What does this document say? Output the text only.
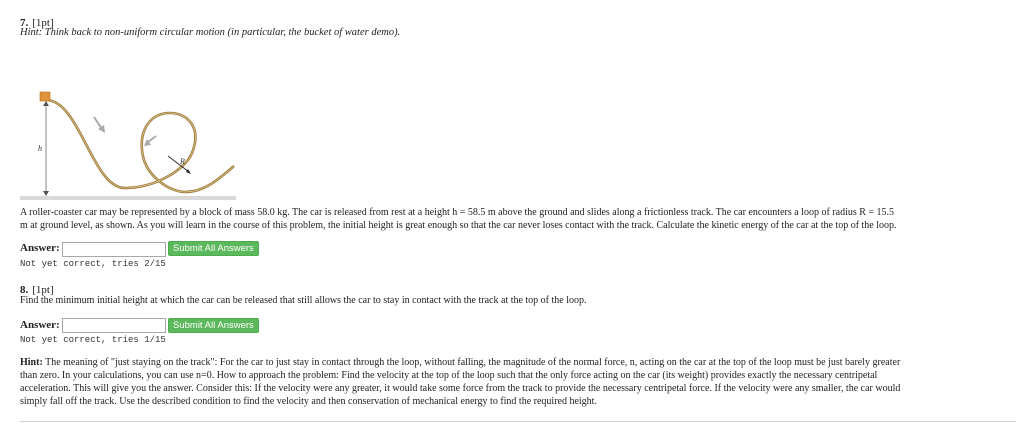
7. [1pt]
Hint: Think back to non-uniform circular motion (in particular, the bucket of water demo).
h
R
A roller-coaster car may be represented by a block of mass 58.0 kg. The car is released from rest at a height h = 58.5 m above the ground and slides along a frictionless track. The car encounters a loop of radius R = 15.5
m at ground level, as shown. As you will learn in the course of this problem, the initial height is great enough so that the car never loses contact with the track. Calculate the kinetic energy of the car at the top of the loop.
Answer:	Submit All Answers
Not yet correct, tries 2/15
8. [1pt]
Find the minimum initial height at which the car can be released that still allows the car to stay in contact with the track at the top of the loop.
Answer:	Submit All Answers
Not yet correct, tries 1/15
Hint: The meaning of "just staying on the track": For the car to just stay in contact through the loop, without falling, the magnitude of the normal force, n, acting on the car at the top of the loop must be just barely greater
than zero. In your calculations, you can use n=0. How to approach the problem: Find the velocity at the top of the loop such that the only force acting on the car (its weight) provides exactly the necessary centripetal
acceleration. This will give you the answer. Consider this: If the velocity were any greater, it would take some force from the track to provide the necessary centripetal force. If the velocity were any smaller, the car would
simply fall off the track. Use the described condition to find the velocity and then conservation of mechanical energy to find the required height.
